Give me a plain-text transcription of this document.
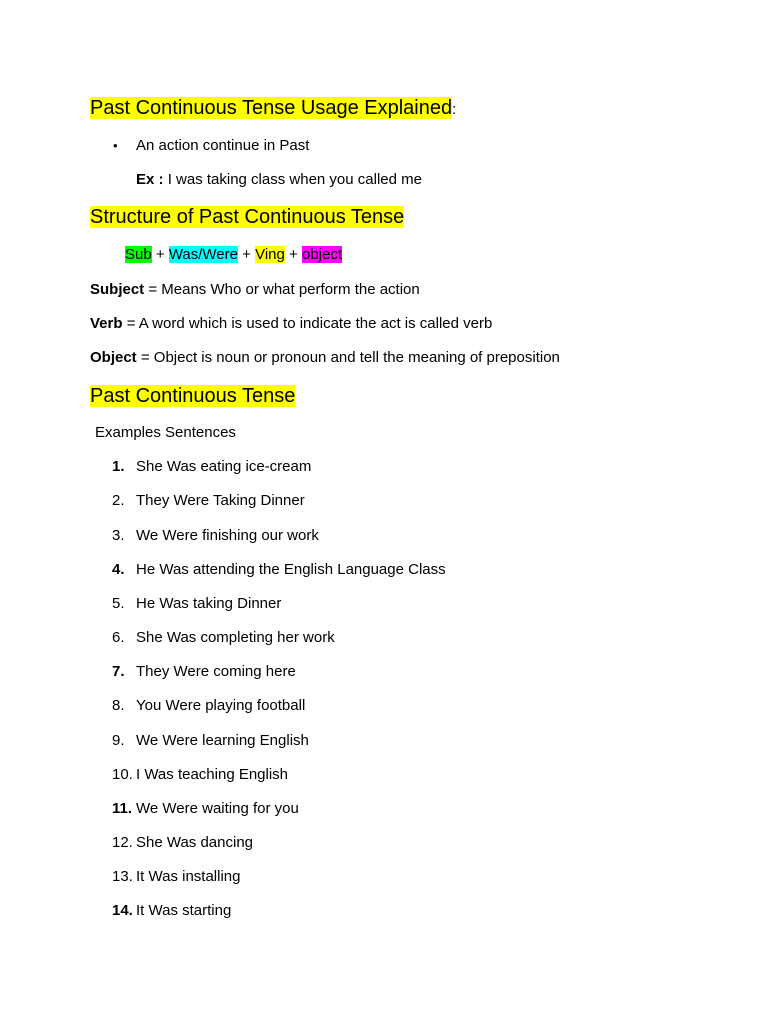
Past Continuous Tense Usage Explained:
• An action continue in Past
Ex : I was taking class when you called me
Structure of Past Continuous Tense
Sub + Was/Were + Ving + object
Subject = Means Who or what perform the action
Verb = A word which is used to indicate the act is called verb
Object = Object is noun or pronoun and tell the meaning of preposition
Past Continuous Tense
Examples Sentences
1. She Was eating ice-cream
2. They Were Taking Dinner
3. We Were finishing our work
4. He Was attending the English Language Class
5. He Was taking Dinner
6. She Was completing her work
7. They Were coming here
8. You Were playing football
9. We Were learning English
10. I Was teaching English
11. We Were waiting for you
12. She Was dancing
13. It Was installing
14. It Was starting
